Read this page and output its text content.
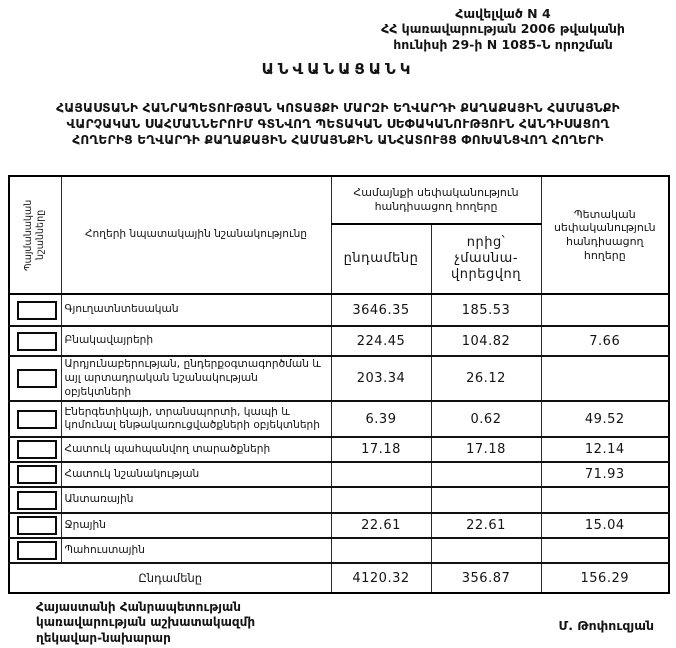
Հավելված N 4
ՀՀ կառավարության 2006 թվականի
հունիսի 29-ի N 1085-Ն որոշման
ԱՆՎԱՆԱՑԱՆԿ
ՀԱՅԱՍՏԱՆԻ ՀԱՆՐԱՊԵՏՈՒԹՅԱՆ ԿՈՏԱՅՔԻ ՄԱՐԶԻ ԵՂՎԱՐԴԻ ՔԱՂԱՔԱՅԻՆ ՀԱՄԱՅՆՔԻ
ՎԱՐՉԱԿԱՆ ՍԱՀՄԱՆՆԵՐՈՒՄ ԳՏՆՎՈՂ ՊԵՏԱԿԱՆ ՍԵՓԱԿԱՆՈՒԹՅՈՒՆ ՀԱՆԴԻՍԱՑՈՂ
ՀՈՂԵՐԻՑ ԵՂՎԱՐԴԻ ՔԱՂԱՔԱՅԻՆ ՀԱՄԱՅՆՔԻՆ ԱՆՀԱՏՈՒՅՑ ՓՈԽԱՆՑՎՈՂ ՀՈՂԵՐԻ
Պայմանական նշանները	Հողերի նպատակային նշանակությունը	Համայնքի սեփականություն հանդիսացող հողերը		Պետական սեփականություն հանդիսացող հողերը
		ընդամենը	որից՝ չմասնավորեցվող	

	Գյուղատնտեսական	3646.35	185.53	

	Բնակավայրերի	224.45	104.82	7.66

	Արդյունաբերության, ընդերքօգտագործման և այլ արտադրական նշանակության օբյեկտների	203.34	26.12	

	Էներգետիկայի, տրանսպորտի, կապի և կոմունալ ենթակառուցվածքների օբյեկտների	6.39	0.62	49.52

	Հատուկ պահպանվող տարածքների	17.18	17.18	12.14

	Հատուկ նշանակության			71.93

	Անտառային			

	Ջրային	22.61	22.61	15.04

	Պահուստային			
Ընդամենը		4120.32	356.87	156.29
Հայաստանի Հանրապետության
կառավարության աշխատակազմի
ղեկավար-նախարար
Մ. Թոփուզյան
